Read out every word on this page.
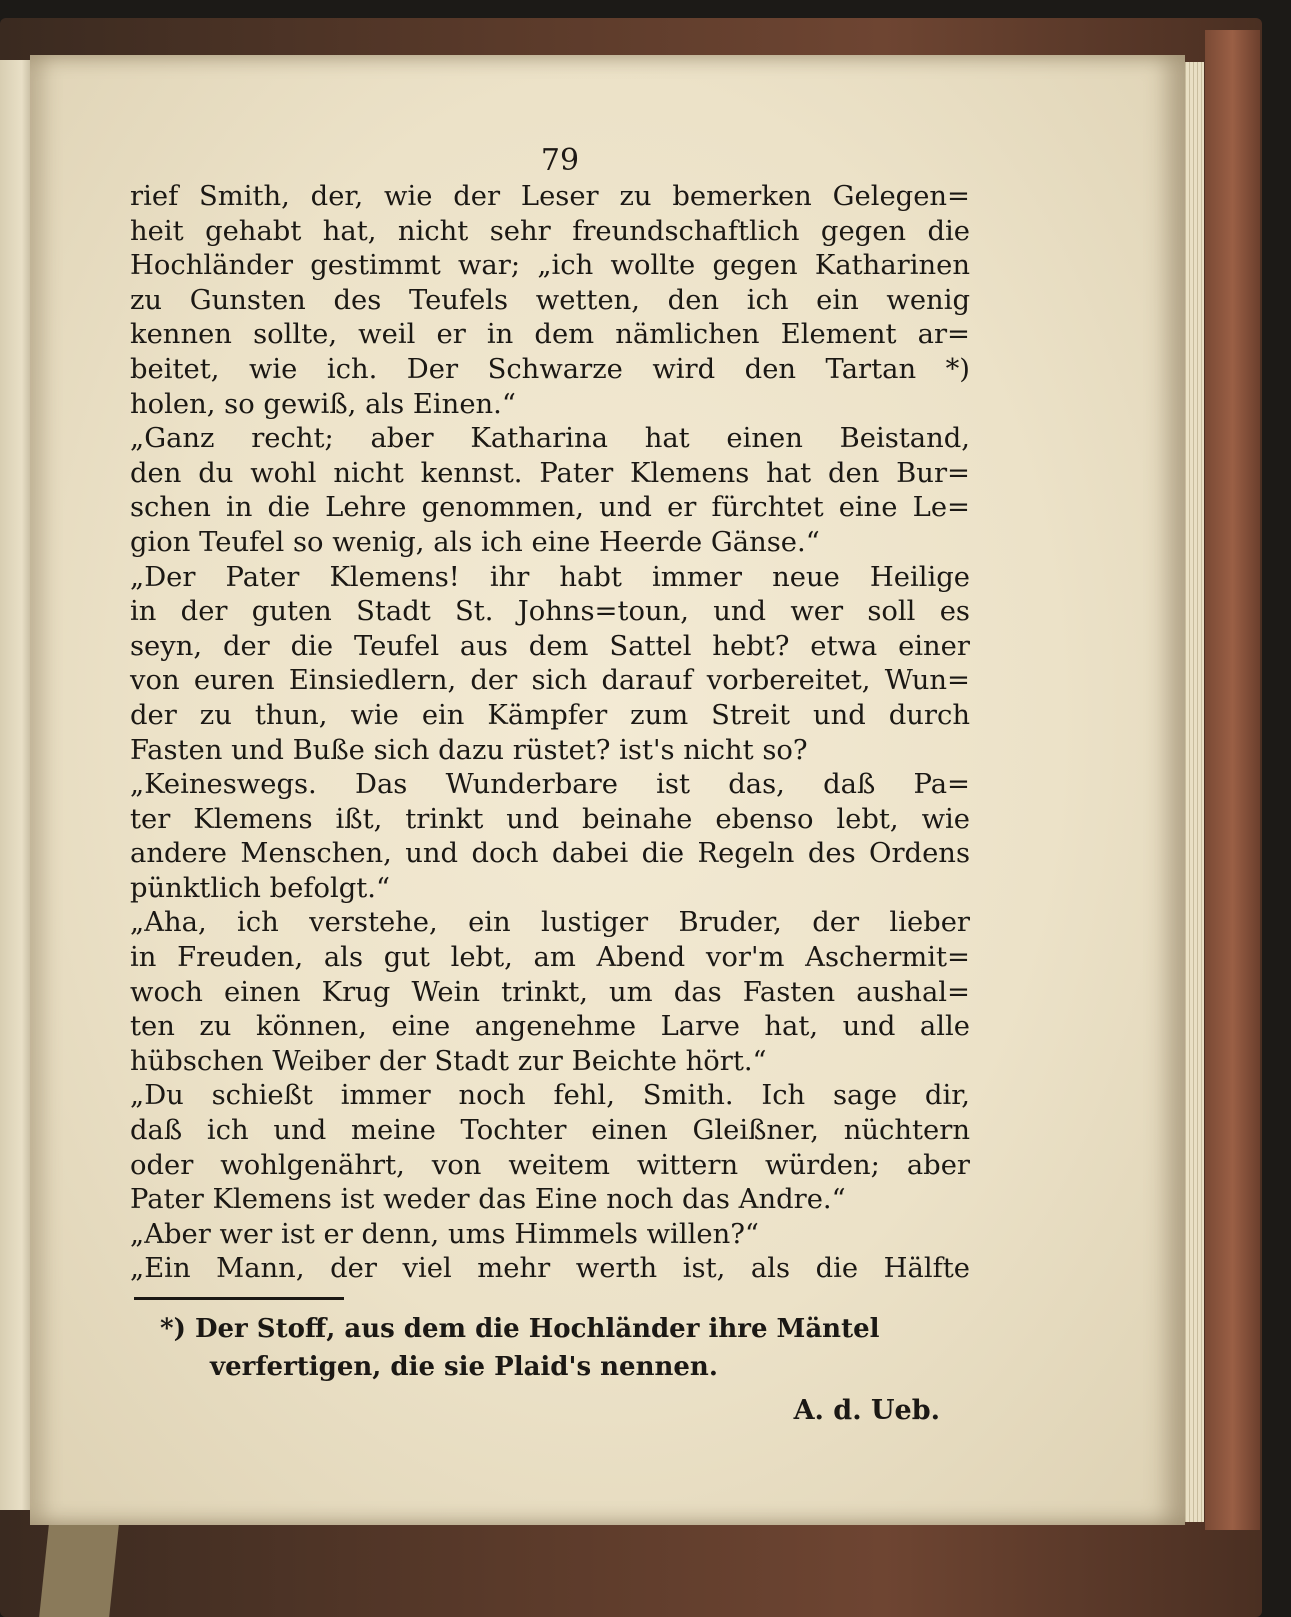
79
rief Smith, der, wie der Leser zu bemerken Gelegen=
heit gehabt hat, nicht sehr freundschaftlich gegen die
Hochländer gestimmt war; „ich wollte gegen Katharinen
zu Gunsten des Teufels wetten, den ich ein wenig
kennen sollte, weil er in dem nämlichen Element ar=
beitet, wie ich. Der Schwarze wird den Tartan *)
holen, so gewiß, als Einen.“
„Ganz recht; aber Katharina hat einen Beistand,
den du wohl nicht kennst. Pater Klemens hat den Bur=
schen in die Lehre genommen, und er fürchtet eine Le=
gion Teufel so wenig, als ich eine Heerde Gänse.“
„Der Pater Klemens! ihr habt immer neue Heilige
in der guten Stadt St. Johns=toun, und wer soll es
seyn, der die Teufel aus dem Sattel hebt? etwa einer
von euren Einsiedlern, der sich darauf vorbereitet, Wun=
der zu thun, wie ein Kämpfer zum Streit und durch
Fasten und Buße sich dazu rüstet? ist's nicht so?
„Keineswegs. Das Wunderbare ist das, daß Pa=
ter Klemens ißt, trinkt und beinahe ebenso lebt, wie
andere Menschen, und doch dabei die Regeln des Ordens
pünktlich befolgt.“
„Aha, ich verstehe, ein lustiger Bruder, der lieber
in Freuden, als gut lebt, am Abend vor'm Aschermit=
woch einen Krug Wein trinkt, um das Fasten aushal=
ten zu können, eine angenehme Larve hat, und alle
hübschen Weiber der Stadt zur Beichte hört.“
„Du schießt immer noch fehl, Smith. Ich sage dir,
daß ich und meine Tochter einen Gleißner, nüchtern
oder wohlgenährt, von weitem wittern würden; aber
Pater Klemens ist weder das Eine noch das Andre.“
„Aber wer ist er denn, ums Himmels willen?“
„Ein Mann, der viel mehr werth ist, als die Hälfte
*) Der Stoff, aus dem die Hochländer ihre Mäntel
verfertigen, die sie Plaid's nennen.
A. d. Ueb.
